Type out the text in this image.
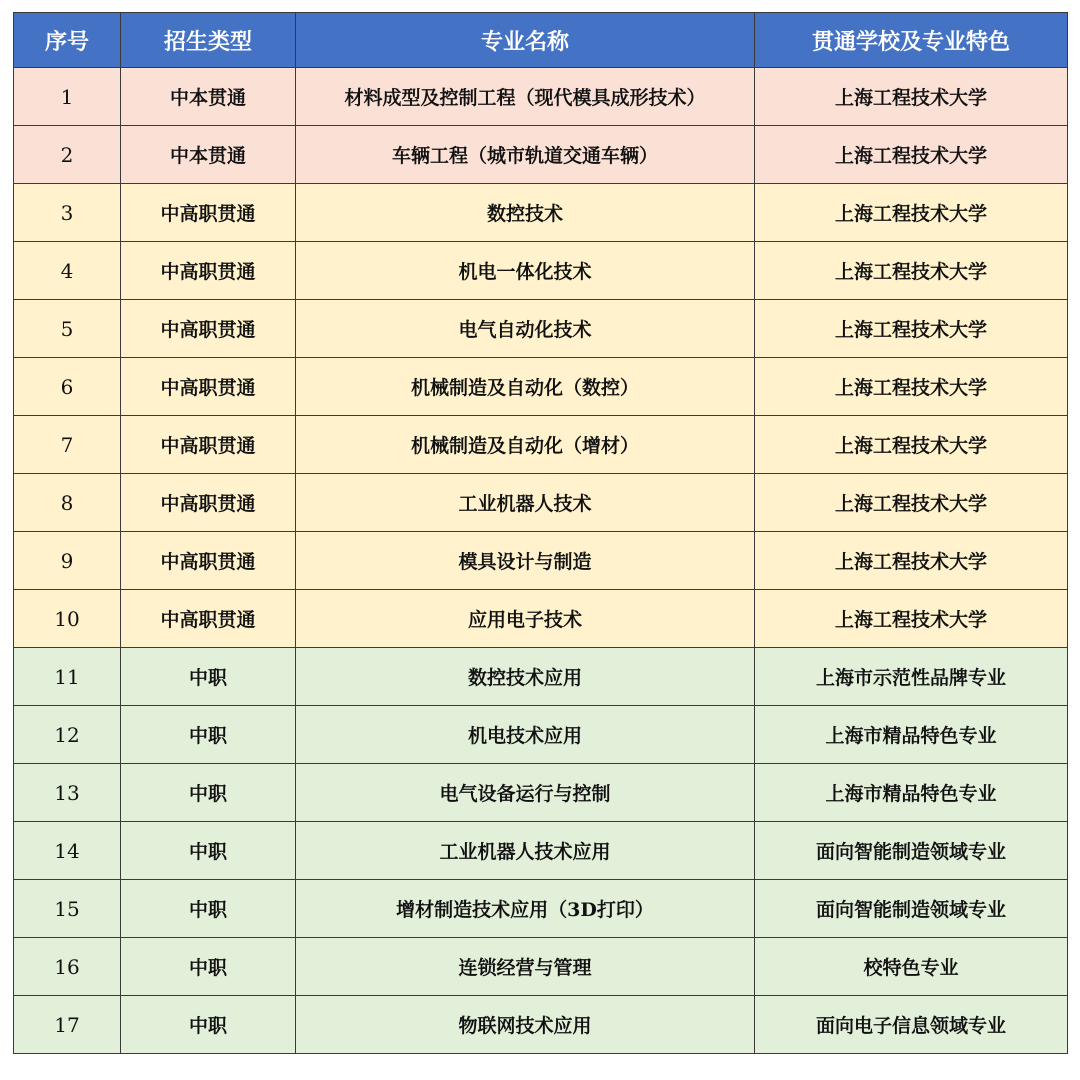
序号	招生类型	专业名称	贯通学校及专业特色
1	中本贯通	材料成型及控制工程（现代模具成形技术）	上海工程技术大学
2	中本贯通	车辆工程（城市轨道交通车辆）	上海工程技术大学
3	中高职贯通	数控技术	上海工程技术大学
4	中高职贯通	机电一体化技术	上海工程技术大学
5	中高职贯通	电气自动化技术	上海工程技术大学
6	中高职贯通	机械制造及自动化（数控）	上海工程技术大学
7	中高职贯通	机械制造及自动化（增材）	上海工程技术大学
8	中高职贯通	工业机器人技术	上海工程技术大学
9	中高职贯通	模具设计与制造	上海工程技术大学
10	中高职贯通	应用电子技术	上海工程技术大学
11	中职	数控技术应用	上海市示范性品牌专业
12	中职	机电技术应用	上海市精品特色专业
13	中职	电气设备运行与控制	上海市精品特色专业
14	中职	工业机器人技术应用	面向智能制造领域专业
15	中职	增材制造技术应用（3D打印）	面向智能制造领域专业
16	中职	连锁经营与管理	校特色专业
17	中职	物联网技术应用	面向电子信息领域专业
